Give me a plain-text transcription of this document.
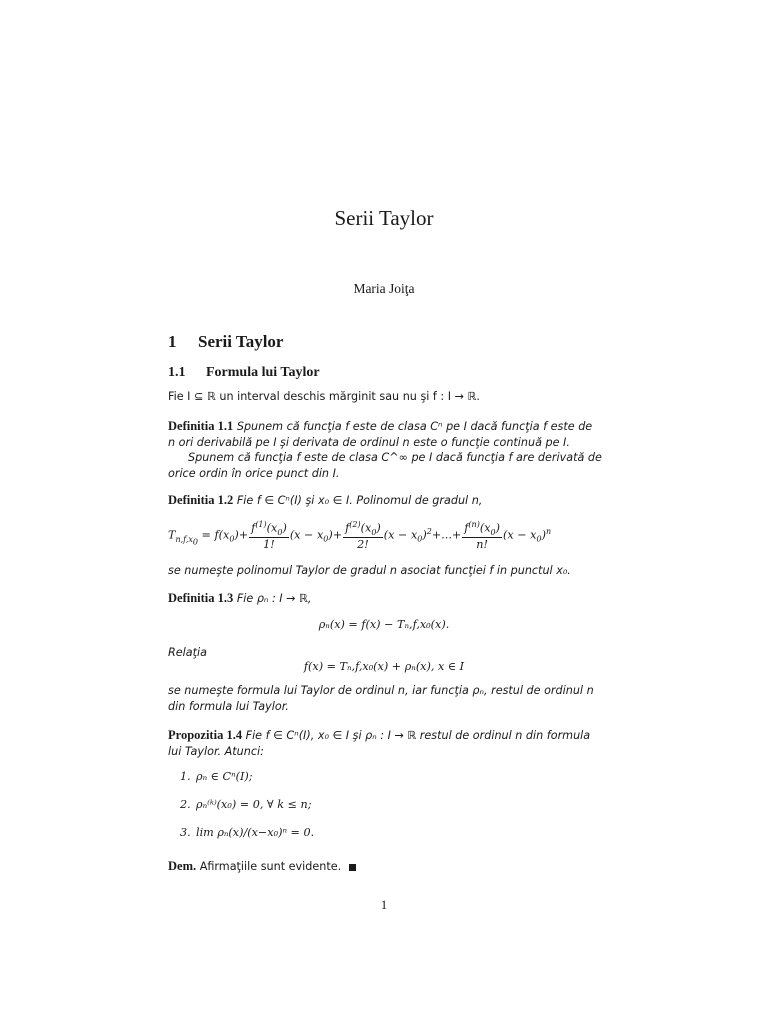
Serii Taylor
Maria Joiţa
1 Serii Taylor
1.1 Formula lui Taylor
Fie I ⊆ ℝ un interval deschis mărginit sau nu şi f : I → ℝ.
Definitia 1.1 Spunem că funcţia f este de clasa Cⁿ pe I dacă funcţia f este de n ori derivabilă pe I şi derivata de ordinul n este o funcţie continuă pe I.
Spunem că funcţia f este de clasa C^∞ pe I dacă funcţia f are derivată de orice ordin în orice punct din I.
Definitia 1.2 Fie f ∈ Cⁿ(I) şi x₀ ∈ I. Polinomul de gradul n,
$T_{n,f,x_0} = f(x_0)+ \frac{f^{(1)}(x_0)}{1!} (x - x_0)+ \frac{f^{(2)}(x_0)}{2!} (x - x_0)^2+...+ \frac{f^{(n)}(x_0)}{n!} (x - x_0)^n$
se numeşte polinomul Taylor de gradul n asociat funcţiei f in punctul x₀.
Definitia 1.3 Fie ρₙ : I → ℝ,
ρₙ(x) = f(x) − Tₙ,f,x₀(x).
Relaţia
f(x) = Tₙ,f,x₀(x) + ρₙ(x), x ∈ I
se numeşte formula lui Taylor de ordinul n, iar funcţia ρₙ, restul de ordinul n din formula lui Taylor.
Propozitia 1.4 Fie f ∈ Cⁿ(I), x₀ ∈ I şi ρₙ : I → ℝ restul de ordinul n din formula lui Taylor. Atunci:
1. ρₙ ∈ Cⁿ(I);
2. ρₙ⁽ᵏ⁾(x₀) = 0, ∀ k ≤ n;
3. lim ρₙ(x)/(x−x₀)ⁿ = 0.
Dem. Afirmaţiile sunt evidente.
1
